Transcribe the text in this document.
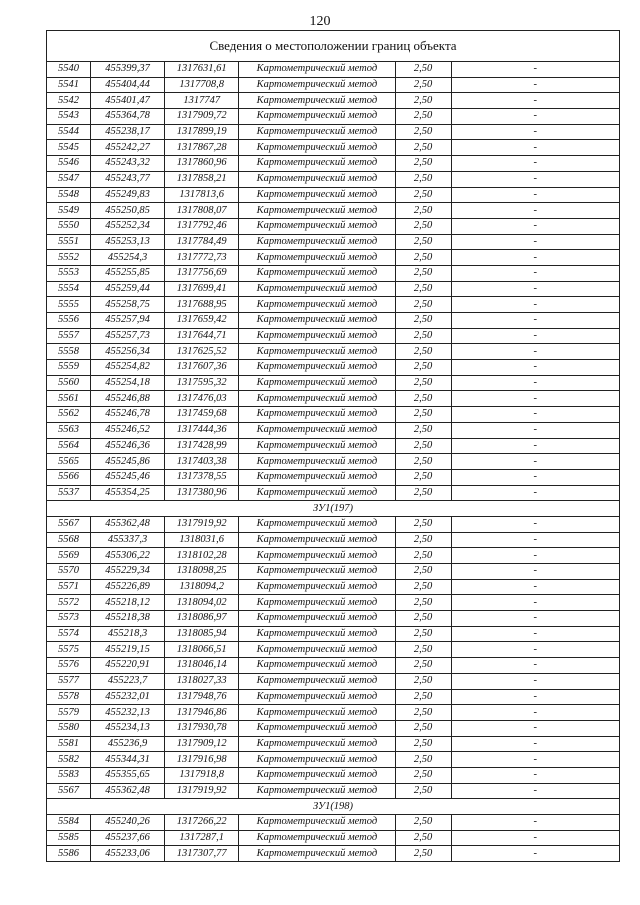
120
Сведения о местоположении границ объекта					
5540	455399,37	1317631,61	Картометрический метод	2,50	-
5541	455404,44	1317708,8	Картометрический метод	2,50	-
5542	455401,47	1317747	Картометрический метод	2,50	-
5543	455364,78	1317909,72	Картометрический метод	2,50	-
5544	455238,17	1317899,19	Картометрический метод	2,50	-
5545	455242,27	1317867,28	Картометрический метод	2,50	-
5546	455243,32	1317860,96	Картометрический метод	2,50	-
5547	455243,77	1317858,21	Картометрический метод	2,50	-
5548	455249,83	1317813,6	Картометрический метод	2,50	-
5549	455250,85	1317808,07	Картометрический метод	2,50	-
5550	455252,34	1317792,46	Картометрический метод	2,50	-
5551	455253,13	1317784,49	Картометрический метод	2,50	-
5552	455254,3	1317772,73	Картометрический метод	2,50	-
5553	455255,85	1317756,69	Картометрический метод	2,50	-
5554	455259,44	1317699,41	Картометрический метод	2,50	-
5555	455258,75	1317688,95	Картометрический метод	2,50	-
5556	455257,94	1317659,42	Картометрический метод	2,50	-
5557	455257,73	1317644,71	Картометрический метод	2,50	-
5558	455256,34	1317625,52	Картометрический метод	2,50	-
5559	455254,82	1317607,36	Картометрический метод	2,50	-
5560	455254,18	1317595,32	Картометрический метод	2,50	-
5561	455246,88	1317476,03	Картометрический метод	2,50	-
5562	455246,78	1317459,68	Картометрический метод	2,50	-
5563	455246,52	1317444,36	Картометрический метод	2,50	-
5564	455246,36	1317428,99	Картометрический метод	2,50	-
5565	455245,86	1317403,38	Картометрический метод	2,50	-
5566	455245,46	1317378,55	Картометрический метод	2,50	-
5537	455354,25	1317380,96	Картометрический метод	2,50	-
ЗУ1(197)					
5567	455362,48	1317919,92	Картометрический метод	2,50	-
5568	455337,3	1318031,6	Картометрический метод	2,50	-
5569	455306,22	1318102,28	Картометрический метод	2,50	-
5570	455229,34	1318098,25	Картометрический метод	2,50	-
5571	455226,89	1318094,2	Картометрический метод	2,50	-
5572	455218,12	1318094,02	Картометрический метод	2,50	-
5573	455218,38	1318086,97	Картометрический метод	2,50	-
5574	455218,3	1318085,94	Картометрический метод	2,50	-
5575	455219,15	1318066,51	Картометрический метод	2,50	-
5576	455220,91	1318046,14	Картометрический метод	2,50	-
5577	455223,7	1318027,33	Картометрический метод	2,50	-
5578	455232,01	1317948,76	Картометрический метод	2,50	-
5579	455232,13	1317946,86	Картометрический метод	2,50	-
5580	455234,13	1317930,78	Картометрический метод	2,50	-
5581	455236,9	1317909,12	Картометрический метод	2,50	-
5582	455344,31	1317916,98	Картометрический метод	2,50	-
5583	455355,65	1317918,8	Картометрический метод	2,50	-
5567	455362,48	1317919,92	Картометрический метод	2,50	-
ЗУ1(198)					
5584	455240,26	1317266,22	Картометрический метод	2,50	-
5585	455237,66	1317287,1	Картометрический метод	2,50	-
5586	455233,06	1317307,77	Картометрический метод	2,50	-
